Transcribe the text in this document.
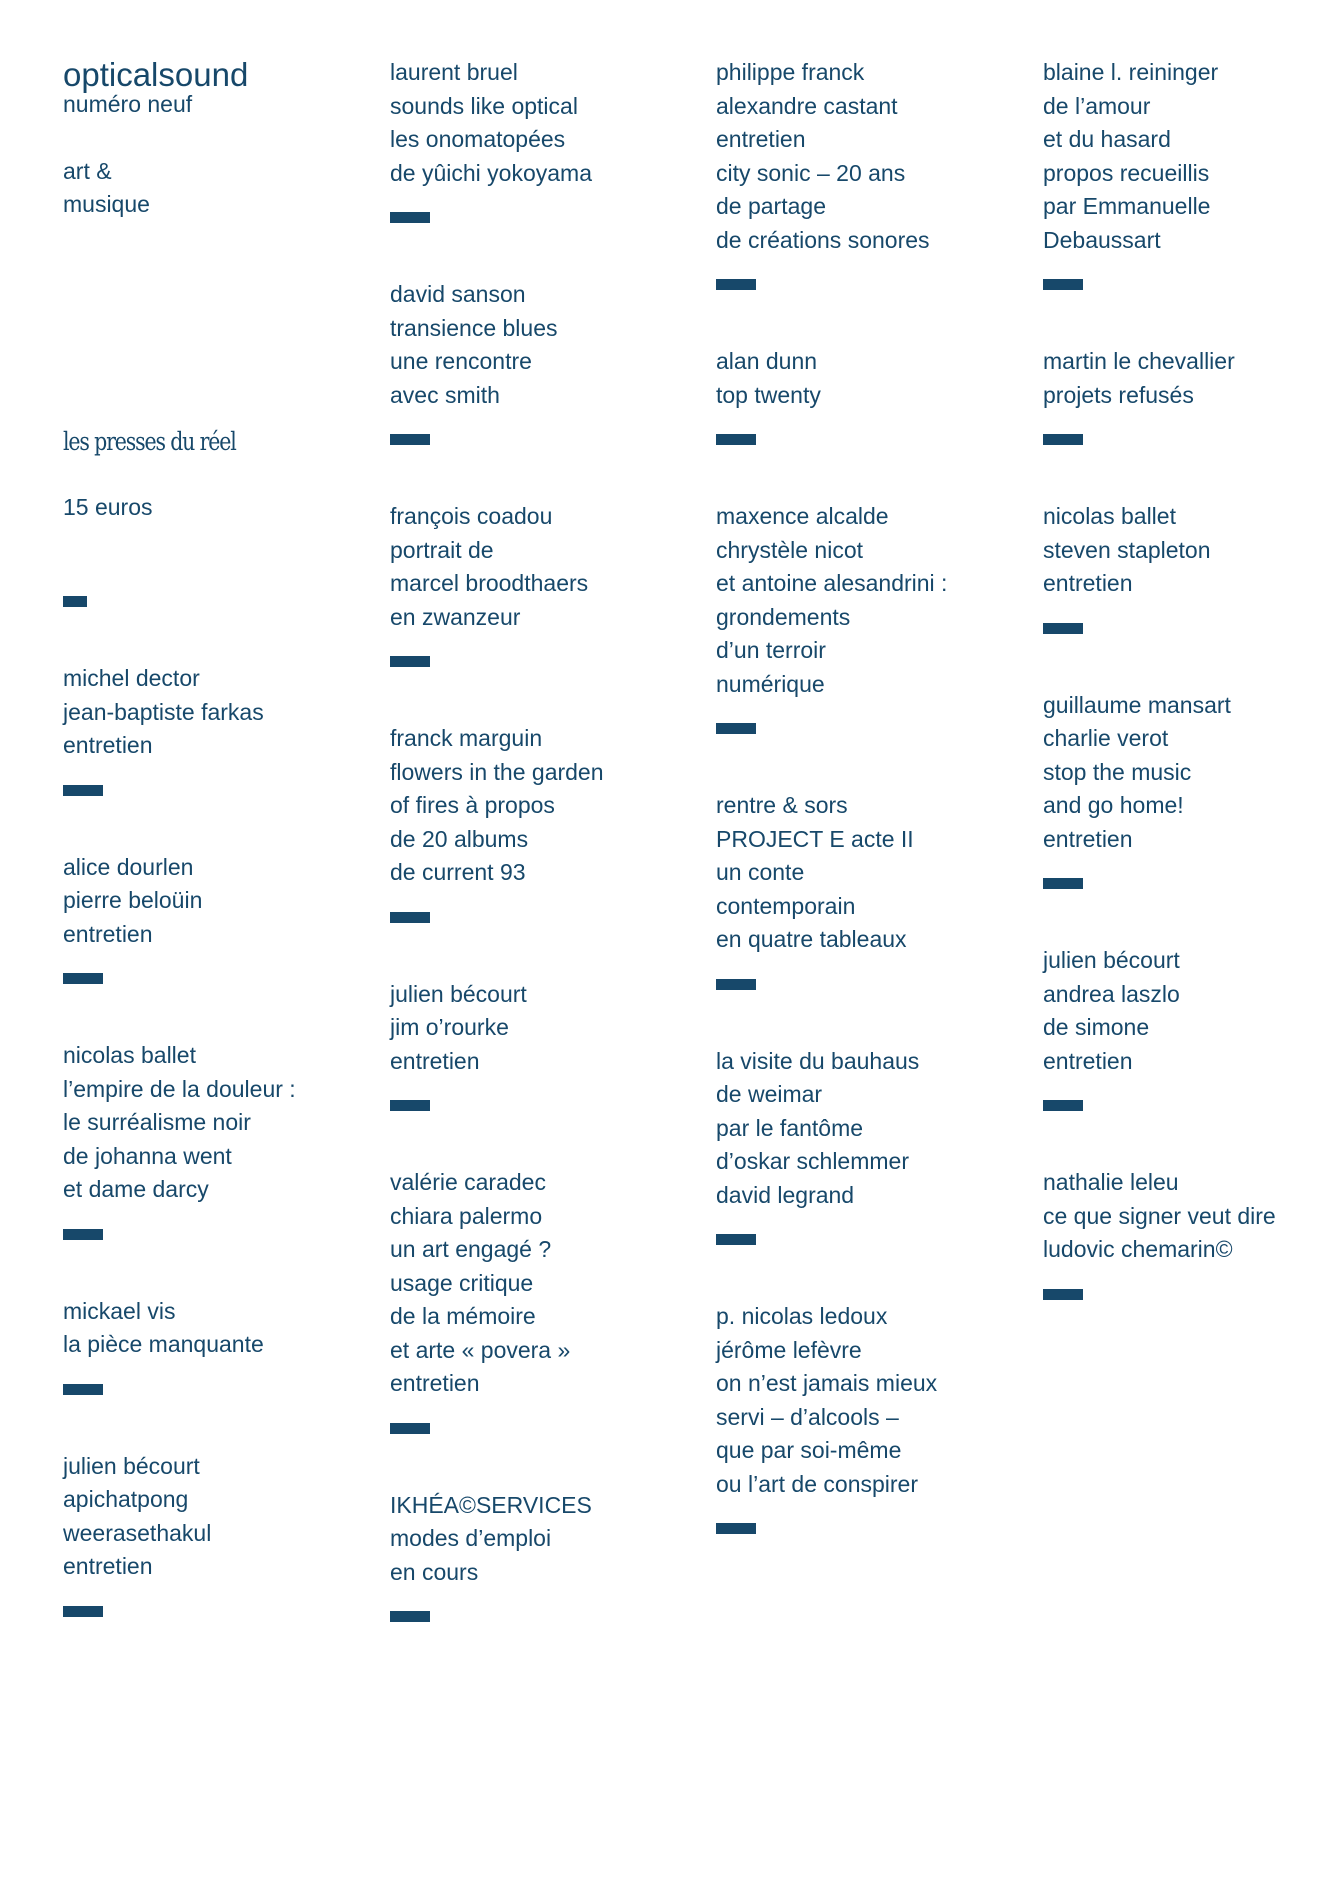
opticalsound
numéro neuf
art &
musique
les presses du réel
15 euros
michel dector
jean-baptiste farkas
entretien
alice dourlen
pierre beloüin
entretien
nicolas ballet
l’empire de la douleur :
le surréalisme noir
de johanna went
et dame darcy
mickael vis
la pièce manquante
julien bécourt
apichatpong
weerasethakul
entretien
laurent bruel
sounds like optical
les onomatopées
de yûichi yokoyama
david sanson
transience blues
une rencontre
avec smith
françois coadou
portrait de
marcel broodthaers
en zwanzeur
franck marguin
flowers in the garden
of fires à propos
de 20 albums
de current 93
julien bécourt
jim o’rourke
entretien
valérie caradec
chiara palermo
un art engagé ?
usage critique
de la mémoire
et arte « povera »
entretien
IKHÉA©SERVICES
modes d’emploi
en cours
philippe franck
alexandre castant
entretien
city sonic – 20 ans
de partage
de créations sonores
alan dunn
top twenty
maxence alcalde
chrystèle nicot
et antoine alesandrini :
grondements
d’un terroir
numérique
rentre & sors
PROJECT E acte II
un conte
contemporain
en quatre tableaux
la visite du bauhaus
de weimar
par le fantôme
d’oskar schlemmer
david legrand
p. nicolas ledoux
jérôme lefèvre
on n’est jamais mieux
servi – d’alcools –
que par soi-même
ou l’art de conspirer
blaine l. reininger
de l’amour
et du hasard
propos recueillis
par Emmanuelle
Debaussart
martin le chevallier
projets refusés
nicolas ballet
steven stapleton
entretien
guillaume mansart
charlie verot
stop the music
and go home!
entretien
julien bécourt
andrea laszlo
de simone
entretien
nathalie leleu
ce que signer veut dire
ludovic chemarin©
